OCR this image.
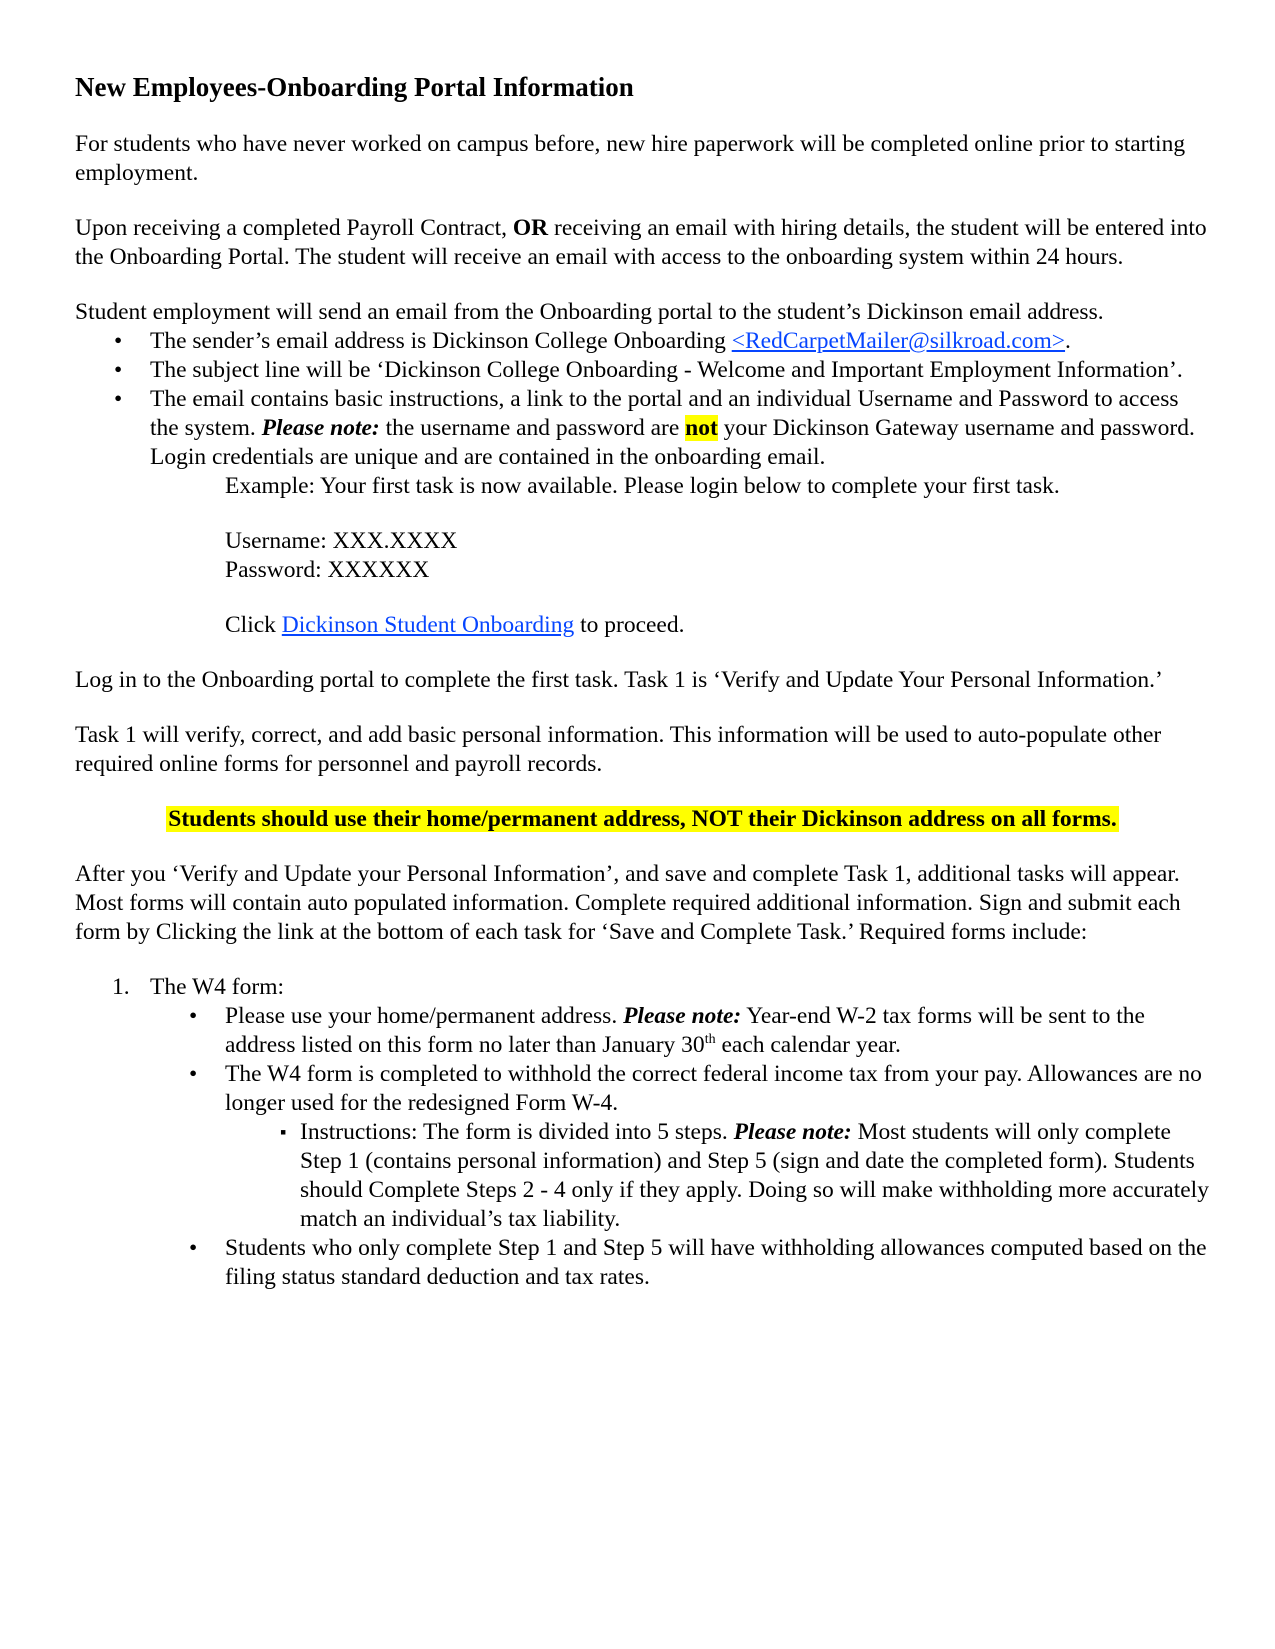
New Employees-Onboarding Portal Information

For students who have never worked on campus before, new hire paperwork will be completed online prior to starting employment.

Upon receiving a completed Payroll Contract, OR receiving an email with hiring details, the student will be entered into the Onboarding Portal. The student will receive an email with access to the onboarding system within 24 hours.

Student employment will send an email from the Onboarding portal to the student’s Dickinson email address.

• The sender’s email address is Dickinson College Onboarding <RedCarpetMailer@silkroad.com>.
• The subject line will be ‘Dickinson College Onboarding - Welcome and Important Employment Information’.
• The email contains basic instructions, a link to the portal and an individual Username and Password to access the system. Please note: the username and password are not your Dickinson Gateway username and password. Login credentials are unique and are contained in the onboarding email.

Example: Your first task is now available. Please login below to complete your first task.

Username: XXX.XXXX

Password: XXXXXX

Click Dickinson Student Onboarding to proceed.

Log in to the Onboarding portal to complete the first task. Task 1 is ‘Verify and Update Your Personal Information.’

Task 1 will verify, correct, and add basic personal information. This information will be used to auto-populate other required online forms for personnel and payroll records.

Students should use their home/permanent address, NOT their Dickinson address on all forms.

After you ‘Verify and Update your Personal Information’, and save and complete Task 1, additional tasks will appear. Most forms will contain auto populated information. Complete required additional information. Sign and submit each form by Clicking the link at the bottom of each task for ‘Save and Complete Task.’ Required forms include:

1. The W4 form:
• Please use your home/permanent address. Please note: Year-end W-2 tax forms will be sent to the address listed on this form no later than January 30th each calendar year.
• The W4 form is completed to withhold the correct federal income tax from your pay. Allowances are no longer used for the redesigned Form W-4.
▪ Instructions: The form is divided into 5 steps. Please note: Most students will only complete Step 1 (contains personal information) and Step 5 (sign and date the completed form). Students should Complete Steps 2 - 4 only if they apply. Doing so will make withholding more accurately match an individual’s tax liability.
• Students who only complete Step 1 and Step 5 will have withholding allowances computed based on the filing status standard deduction and tax rates.
